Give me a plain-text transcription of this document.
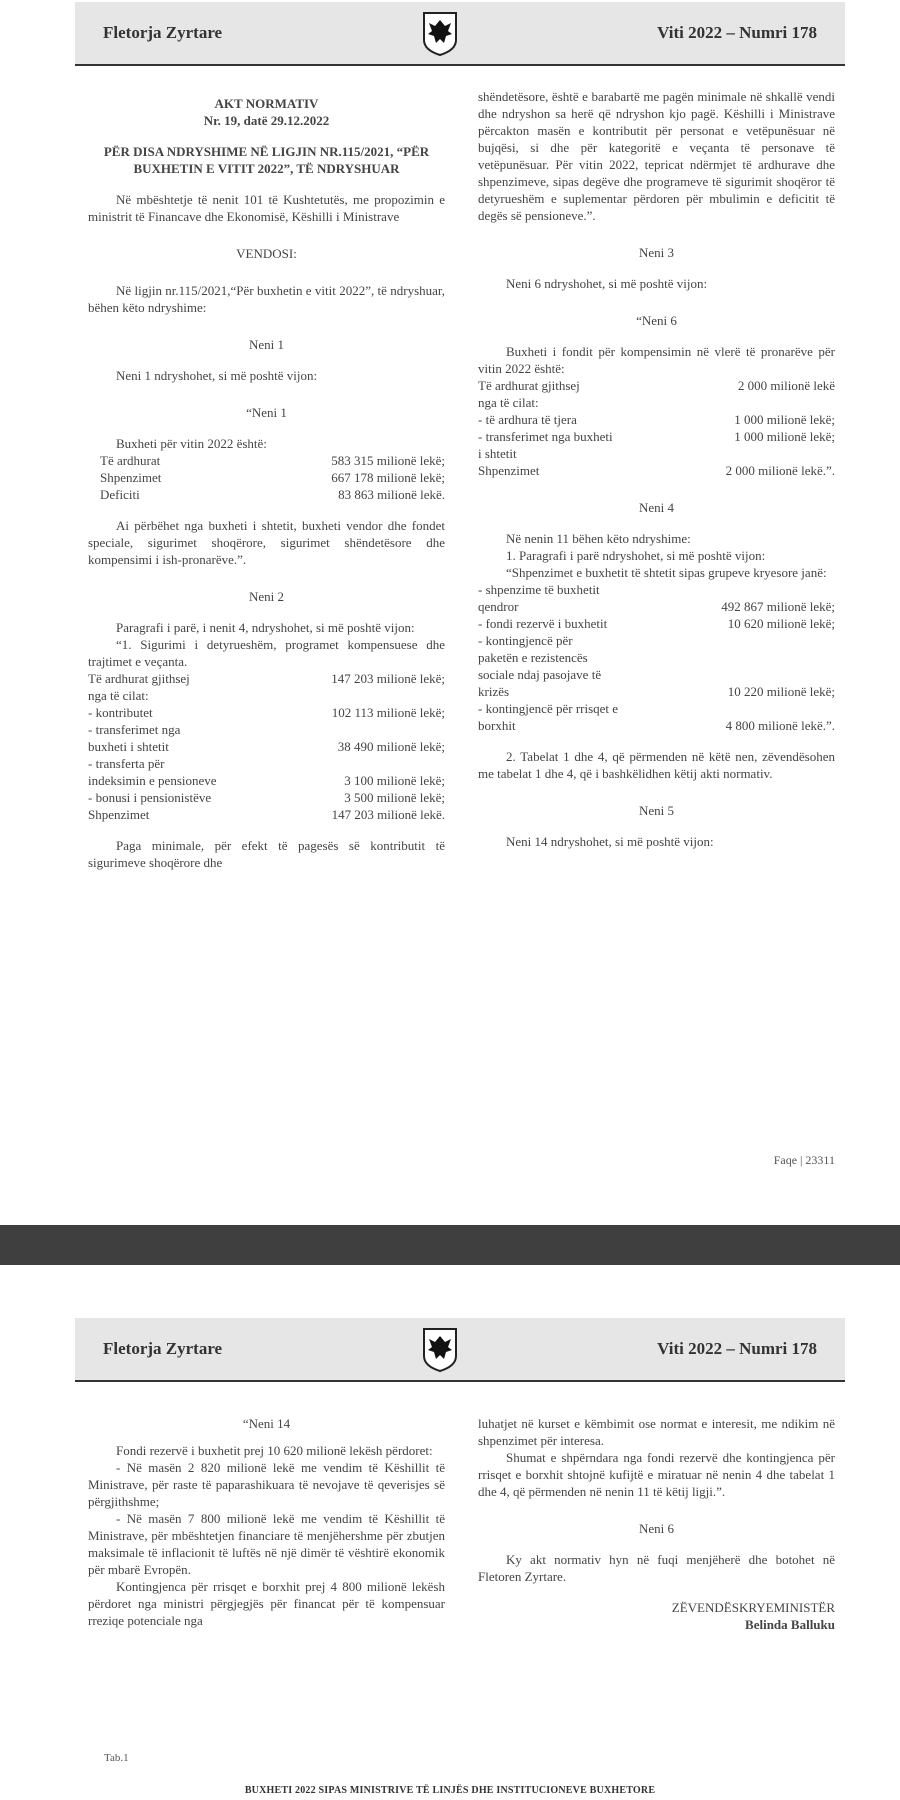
Fletorja Zyrtare	Viti 2022 – Numri 178

AKT NORMATIV

Nr. 19, datë 29.12.2022

PËR DISA NDRYSHIME NË LIGJIN NR.115/2021, “PËR BUXHETIN E VITIT 2022”, TË NDRYSHUAR

Në mbështetje të nenit 101 të Kushtetutës, me propozimin e ministrit të Financave dhe Ekonomisë, Këshilli i Ministrave

VENDOSI:

Në ligjin nr.115/2021,“Për buxhetin e vitit 2022”, të ndryshuar, bëhen këto ndryshime:

Neni 1

Neni 1 ndryshohet, si më poshtë vijon:

“Neni 1

Buxheti për vitin 2022 është:

Të ardhurat	583 315 milionë lekë;
Shpenzimet	667 178 milionë lekë;
Deficiti	83 863 milionë lekë.

Ai përbëhet nga buxheti i shtetit, buxheti vendor dhe fondet speciale, sigurimet shoqërore, sigurimet shëndetësore dhe kompensimi i ish-pronarëve.”.

Neni 2

Paragrafi i parë, i nenit 4, ndryshohet, si më poshtë vijon:

“1. Sigurimi i detyrueshëm, programet kompensuese dhe trajtimet e veçanta.

Të ardhurat gjithsej	147 203 milionë lekë;
nga të cilat:
- kontributet	102 113 milionë lekë;
- transferimet nga
buxheti i shtetit	38 490 milionë lekë;
- transferta për
indeksimin e pensioneve	3 100 milionë lekë;
- bonusi i pensionistëve	3 500 milionë lekë;
Shpenzimet	147 203 milionë lekë.

Paga minimale, për efekt të pagesës së kontributit të sigurimeve shoqërore dhe

shëndetësore, është e barabartë me pagën minimale në shkallë vendi dhe ndryshon sa herë që ndryshon kjo pagë. Këshilli i Ministrave përcakton masën e kontributit për personat e vetëpunësuar në bujqësi, si dhe për kategoritë e veçanta të personave të vetëpunësuar. Për vitin 2022, tepricat ndërmjet të ardhurave dhe shpenzimeve, sipas degëve dhe programeve të sigurimit shoqëror të detyrueshëm e suplementar përdoren për mbulimin e deficitit të degës së pensioneve.”.

Neni 3

Neni 6 ndryshohet, si më poshtë vijon:

“Neni 6

Buxheti i fondit për kompensimin në vlerë të pronarëve për vitin 2022 është:

Të ardhurat gjithsej	2 000 milionë lekë
nga të cilat:
- të ardhura të tjera	1 000 milionë lekë;
- transferimet nga buxheti	1 000 milionë lekë;
i shtetit
Shpenzimet	2 000 milionë lekë.”.

Neni 4

Në nenin 11 bëhen këto ndryshime:

1. Paragrafi i parë ndryshohet, si më poshtë vijon:

“Shpenzimet e buxhetit të shtetit sipas grupeve kryesore janë:

- shpenzime të buxhetit
qendror	492 867 milionë lekë;
- fondi rezervë i buxhetit	10 620 milionë lekë;
- kontingjencë për
paketën e rezistencës
sociale ndaj pasojave të
krizës	10 220 milionë lekë;
- kontingjencë për rrisqet e
borxhit	4 800 milionë lekë.”.

2. Tabelat 1 dhe 4, që përmenden në këtë nen, zëvendësohen me tabelat 1 dhe 4, që i bashkëlidhen këtij akti normativ.

Neni 5

Neni 14 ndryshohet, si më poshtë vijon:

Faqe | 23311
Fletorja Zyrtare	Viti 2022 – Numri 178

“Neni 14

Fondi rezervë i buxhetit prej 10 620 milionë lekësh përdoret:

- Në masën 2 820 milionë lekë me vendim të Këshillit të Ministrave, për raste të paparashikuara të nevojave të qeverisjes së përgjithshme;

- Në masën 7 800 milionë lekë me vendim të Këshillit të Ministrave, për mbështetjen financiare të menjëhershme për zbutjen maksimale të inflacionit të luftës në një dimër të vështirë ekonomik për mbarë Evropën.

Kontingjenca për rrisqet e borxhit prej 4 800 milionë lekësh përdoret nga ministri përgjegjës për financat për të kompensuar rreziqe potenciale nga

luhatjet në kurset e këmbimit ose normat e interesit, me ndikim në shpenzimet për interesa.

Shumat e shpërndara nga fondi rezervë dhe kontingjenca për rrisqet e borxhit shtojnë kufijtë e miratuar në nenin 4 dhe tabelat 1 dhe 4, që përmenden në nenin 11 të këtij ligji.”.

Neni 6

Ky akt normativ hyn në fuqi menjëherë dhe botohet në Fletoren Zyrtare.

ZËVENDËSKRYEMINISTËR

Belinda Balluku

Tab.1
BUXHETI 2022 SIPAS MINISTRIVE TË LINJËS DHE INSTITUCIONEVE BUXHETORE
